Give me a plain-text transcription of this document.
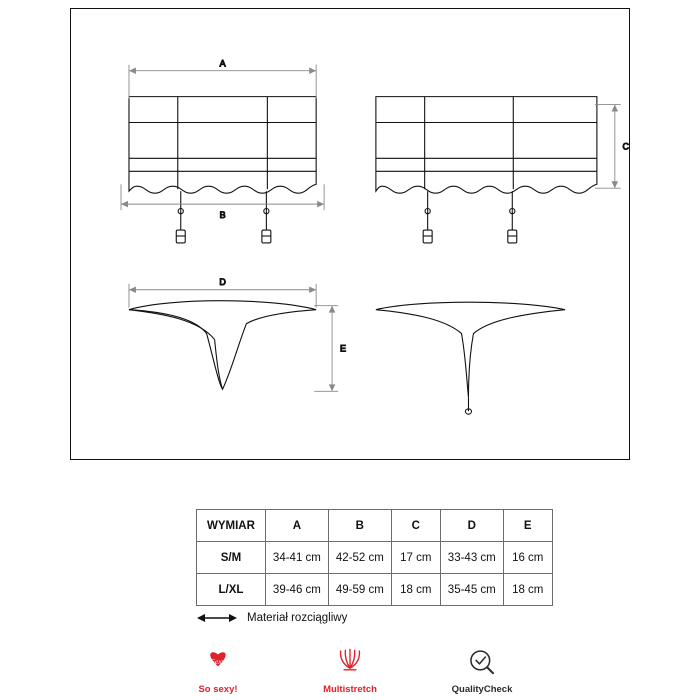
A
B
C
D
E
WYMIAR	A	B	C	D	E
S/M	34-41 cm	42-52 cm	17 cm	33-43 cm	16 cm
L/XL	39-46 cm	49-59 cm	18 cm	35-45 cm	18 cm
Materiał rozciągliwy
Sexy
So sexy!	Multistretch	QualityCheck
